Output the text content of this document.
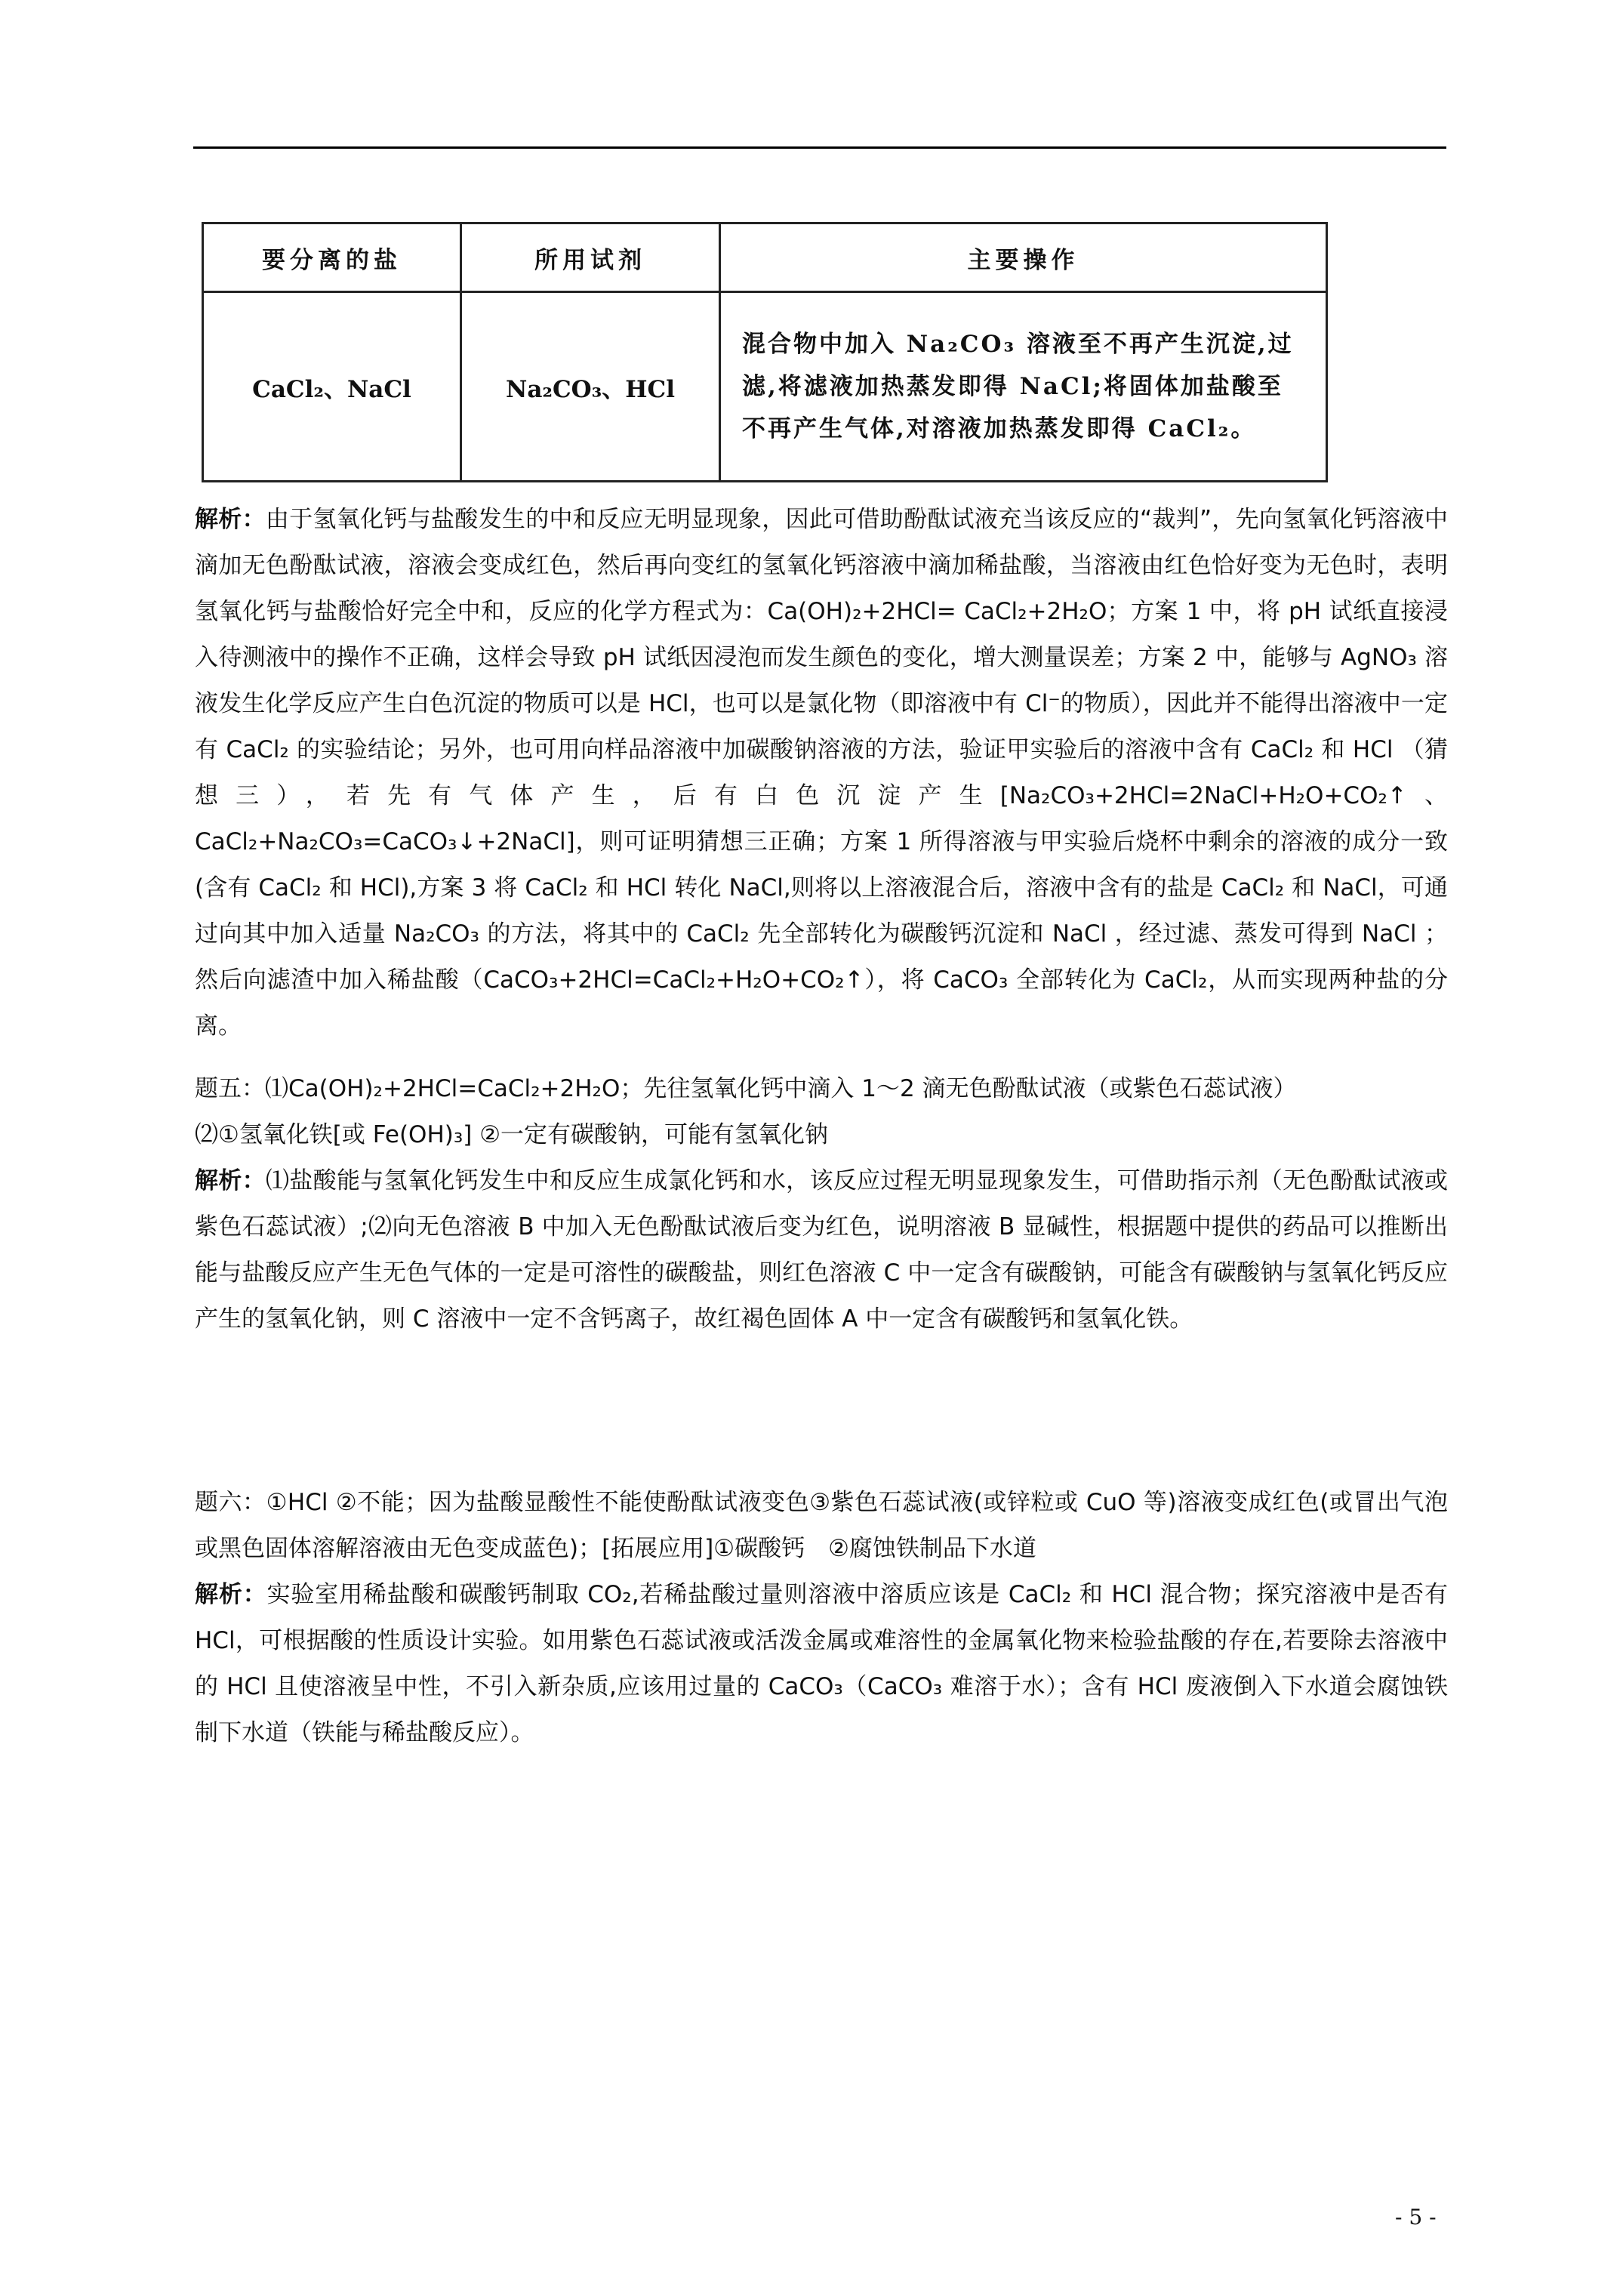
要分离的盐	所用试剂	主要操作
CaCl₂、NaCl	Na₂CO₃、HCl	混合物中加入 Na₂CO₃ 溶液至不再产生沉淀,过滤,将滤液加热蒸发即得 NaCl;将固体加盐酸至不再产生气体,对溶液加热蒸发即得 CaCl₂。

解析：由于氢氧化钙与盐酸发生的中和反应无明显现象，因此可借助酚酞试液充当该反应的“裁判”，先向氢氧化钙溶液中滴加无色酚酞试液，溶液会变成红色，然后再向变红的氢氧化钙溶液中滴加稀盐酸，当溶液由红色恰好变为无色时，表明氢氧化钙与盐酸恰好完全中和，反应的化学方程式为：Ca(OH)₂+2HCl= CaCl₂+2H₂O；方案 1 中，将 pH 试纸直接浸入待测液中的操作不正确，这样会导致 pH 试纸因浸泡而发生颜色的变化，增大测量误差；方案 2 中，能够与 AgNO₃ 溶液发生化学反应产生白色沉淀的物质可以是 HCl，也可以是氯化物（即溶液中有 Cl⁻的物质），因此并不能得出溶液中一定有 CaCl₂ 的实验结论；另外，也可用向样品溶液中加碳酸钠溶液的方法，验证甲实验后的溶液中含有 CaCl₂ 和 HCl （猜想三），若先有气体产生，后有白色沉淀产生[Na₂CO₃+2HCl=2NaCl+H₂O+CO₂↑、CaCl₂+Na₂CO₃=CaCO₃↓+2NaCl]，则可证明猜想三正确；方案 1 所得溶液与甲实验后烧杯中剩余的溶液的成分一致(含有 CaCl₂ 和 HCl),方案 3 将 CaCl₂ 和 HCl 转化 NaCl,则将以上溶液混合后，溶液中含有的盐是 CaCl₂ 和 NaCl，可通过向其中加入适量 Na₂CO₃ 的方法，将其中的 CaCl₂ 先全部转化为碳酸钙沉淀和 NaCl ，经过滤、蒸发可得到 NaCl ；然后向滤渣中加入稀盐酸（CaCO₃+2HCl=CaCl₂+H₂O+CO₂↑），将 CaCO₃ 全部转化为 CaCl₂，从而实现两种盐的分离。

题五：⑴Ca(OH)₂+2HCl=CaCl₂+2H₂O；先往氢氧化钙中滴入 1～2 滴无色酚酞试液（或紫色石蕊试液）

⑵①氢氧化铁[或 Fe(OH)₃] ②一定有碳酸钠，可能有氢氧化钠

解析：⑴盐酸能与氢氧化钙发生中和反应生成氯化钙和水，该反应过程无明显现象发生，可借助指示剂（无色酚酞试液或紫色石蕊试液）;⑵向无色溶液 B 中加入无色酚酞试液后变为红色，说明溶液 B 显碱性，根据题中提供的药品可以推断出能与盐酸反应产生无色气体的一定是可溶性的碳酸盐，则红色溶液 C 中一定含有碳酸钠，可能含有碳酸钠与氢氧化钙反应产生的氢氧化钠，则 C 溶液中一定不含钙离子，故红褐色固体 A 中一定含有碳酸钙和氢氧化铁。

题六：①HCl ②不能；因为盐酸显酸性不能使酚酞试液变色③紫色石蕊试液(或锌粒或 CuO 等)溶液变成红色(或冒出气泡或黑色固体溶解溶液由无色变成蓝色)；[拓展应用]①碳酸钙　②腐蚀铁制品下水道

解析：实验室用稀盐酸和碳酸钙制取 CO₂,若稀盐酸过量则溶液中溶质应该是 CaCl₂ 和 HCl 混合物；探究溶液中是否有 HCl，可根据酸的性质设计实验。如用紫色石蕊试液或活泼金属或难溶性的金属氧化物来检验盐酸的存在,若要除去溶液中的 HCl 且使溶液呈中性，不引入新杂质,应该用过量的 CaCO₃（CaCO₃ 难溶于水）；含有 HCl 废液倒入下水道会腐蚀铁制下水道（铁能与稀盐酸反应）。

- 5 -
